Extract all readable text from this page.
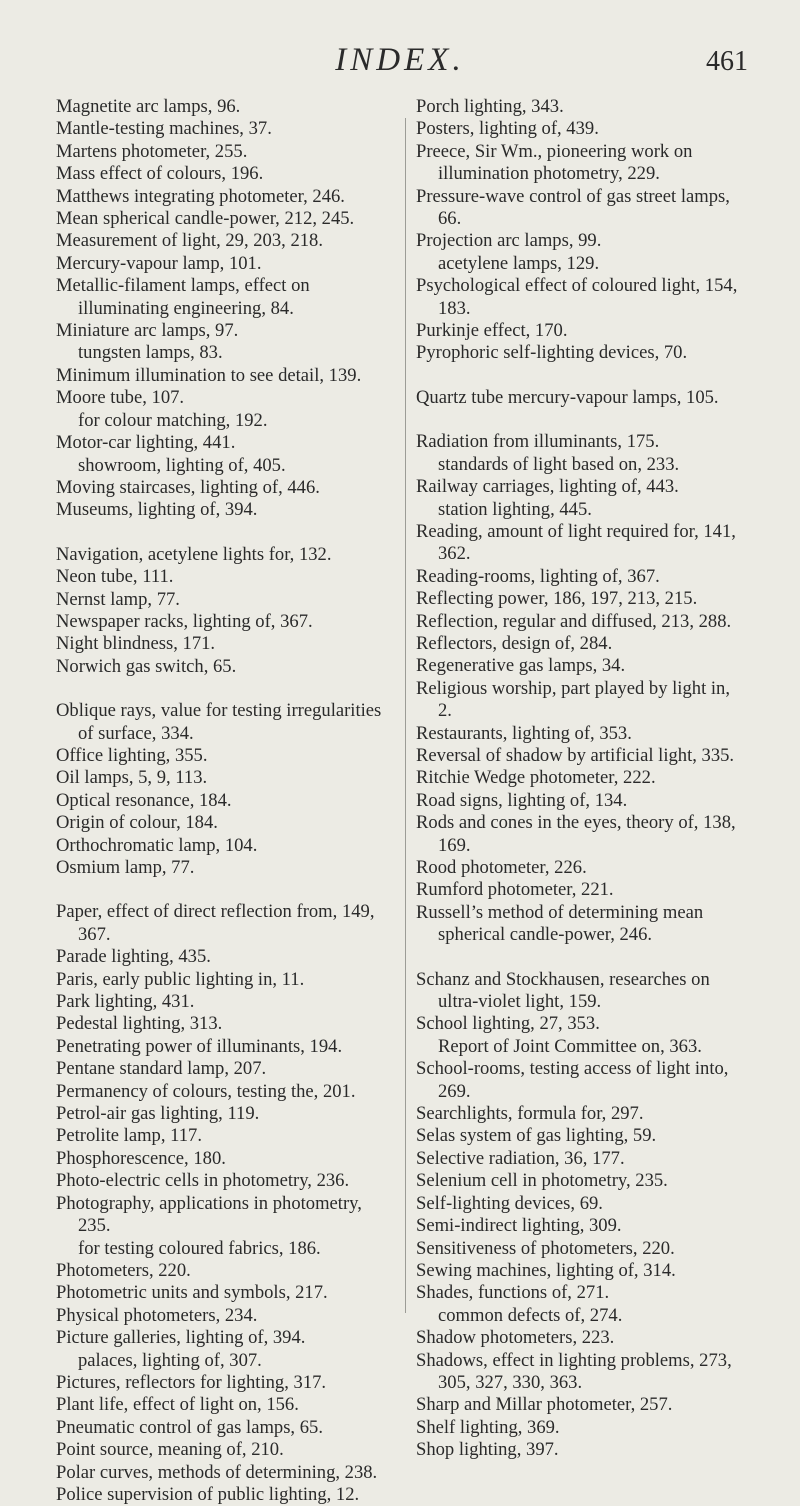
INDEX.	461

Magnetite arc lamps, 96.

Mantle-testing machines, 37.

Martens photometer, 255.

Mass effect of colours, 196.

Matthews integrating photometer, 246.

Mean spherical candle-power, 212, 245.

Measurement of light, 29, 203, 218.

Mercury-vapour lamp, 101.

Metallic-filament lamps, effect on illuminating engineering, 84.

Miniature arc lamps, 97.

tungsten lamps, 83.

Minimum illumination to see detail, 139.

Moore tube, 107.

for colour matching, 192.

Motor-car lighting, 441.

showroom, lighting of, 405.

Moving staircases, lighting of, 446.

Museums, lighting of, 394.

Navigation, acetylene lights for, 132.

Neon tube, 111.

Nernst lamp, 77.

Newspaper racks, lighting of, 367.

Night blindness, 171.

Norwich gas switch, 65.

Oblique rays, value for testing irregularities of surface, 334.

Office lighting, 355.

Oil lamps, 5, 9, 113.

Optical resonance, 184.

Origin of colour, 184.

Orthochromatic lamp, 104.

Osmium lamp, 77.

Paper, effect of direct reflection from, 149, 367.

Parade lighting, 435.

Paris, early public lighting in, 11.

Park lighting, 431.

Pedestal lighting, 313.

Penetrating power of illuminants, 194.

Pentane standard lamp, 207.

Permanency of colours, testing the, 201.

Petrol-air gas lighting, 119.

Petrolite lamp, 117.

Phosphorescence, 180.

Photo-electric cells in photometry, 236.

Photography, applications in photometry, 235.

for testing coloured fabrics, 186.

Photometers, 220.

Photometric units and symbols, 217.

Physical photometers, 234.

Picture galleries, lighting of, 394.

palaces, lighting of, 307.

Pictures, reflectors for lighting, 317.

Plant life, effect of light on, 156.

Pneumatic control of gas lamps, 65.

Point source, meaning of, 210.

Polar curves, methods of determining, 238.

Police supervision of public lighting, 12.

Porch lighting, 343.

Posters, lighting of, 439.

Preece, Sir Wm., pioneering work on illumination photometry, 229.

Pressure-wave control of gas street lamps, 66.

Projection arc lamps, 99.

acetylene lamps, 129.

Psychological effect of coloured light, 154, 183.

Purkinje effect, 170.

Pyrophoric self-lighting devices, 70.

Quartz tube mercury-vapour lamps, 105.

Radiation from illuminants, 175.

standards of light based on, 233.

Railway carriages, lighting of, 443.

station lighting, 445.

Reading, amount of light required for, 141, 362.

Reading-rooms, lighting of, 367.

Reflecting power, 186, 197, 213, 215.

Reflection, regular and diffused, 213, 288.

Reflectors, design of, 284.

Regenerative gas lamps, 34.

Religious worship, part played by light in, 2.

Restaurants, lighting of, 353.

Reversal of shadow by artificial light, 335.

Ritchie Wedge photometer, 222.

Road signs, lighting of, 134.

Rods and cones in the eyes, theory of, 138, 169.

Rood photometer, 226.

Rumford photometer, 221.

Russell’s method of determining mean spherical candle-power, 246.

Schanz and Stockhausen, researches on ultra-violet light, 159.

School lighting, 27, 353.

Report of Joint Committee on, 363.

School-rooms, testing access of light into, 269.

Searchlights, formula for, 297.

Selas system of gas lighting, 59.

Selective radiation, 36, 177.

Selenium cell in photometry, 235.

Self-lighting devices, 69.

Semi-indirect lighting, 309.

Sensitiveness of photometers, 220.

Sewing machines, lighting of, 314.

Shades, functions of, 271.

common defects of, 274.

Shadow photometers, 223.

Shadows, effect in lighting problems, 273, 305, 327, 330, 363.

Sharp and Millar photometer, 257.

Shelf lighting, 369.

Shop lighting, 397.
